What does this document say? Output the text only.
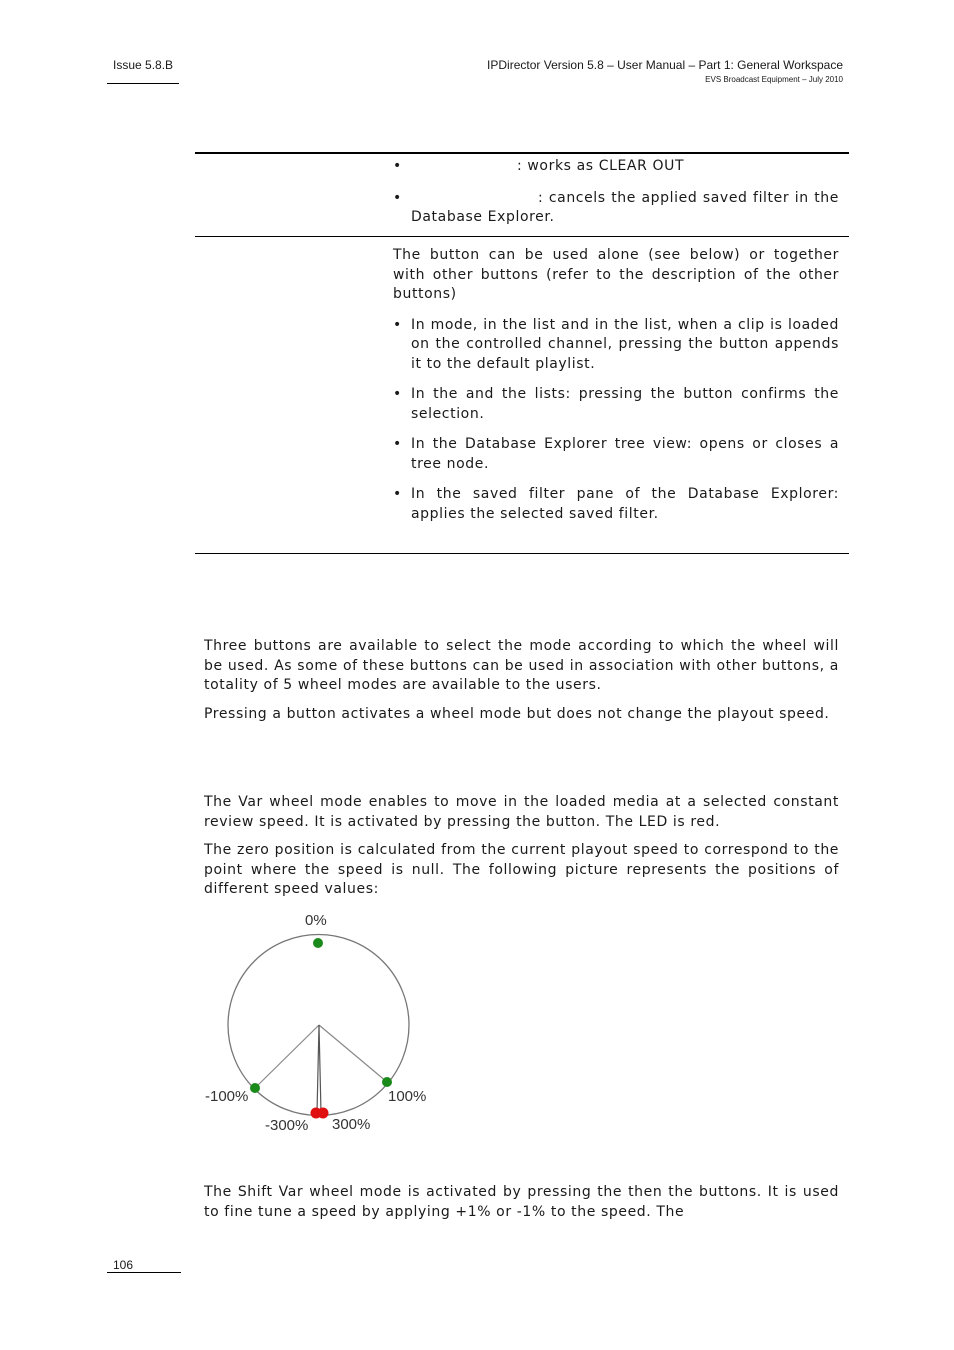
Issue 5.8.B	IPDirector Version 5.8 – User Manual – Part 1: General Workspace
EVS Broadcast Equipment – July 2010
•	: works as CLEAR OUT
•	: cancels the applied saved filter in the Database Explorer.
The button can be used alone (see below) or together with other buttons (refer to the description of the other buttons)
• In mode, in the list and in the list, when a clip is loaded on the controlled channel, pressing the button appends it to the default playlist.
• In the and the lists: pressing the button confirms the selection.
• In the Database Explorer tree view: opens or closes a tree node.
• In the saved filter pane of the Database Explorer: applies the selected saved filter.
Three buttons are available to select the mode according to which the wheel will be used. As some of these buttons can be used in association with other buttons, a totality of 5 wheel modes are available to the users.
Pressing a button activates a wheel mode but does not change the playout speed.
The Var wheel mode enables to move in the loaded media at a selected constant review speed. It is activated by pressing the button. The LED is red.
The zero position is calculated from the current playout speed to correspond to the point where the speed is null. The following picture represents the positions of different speed values:
0%
-100%	100%
-300% 300%
The Shift Var wheel mode is activated by pressing the then the buttons. It is used to fine tune a speed by applying +1% or -1% to the speed. The
106
